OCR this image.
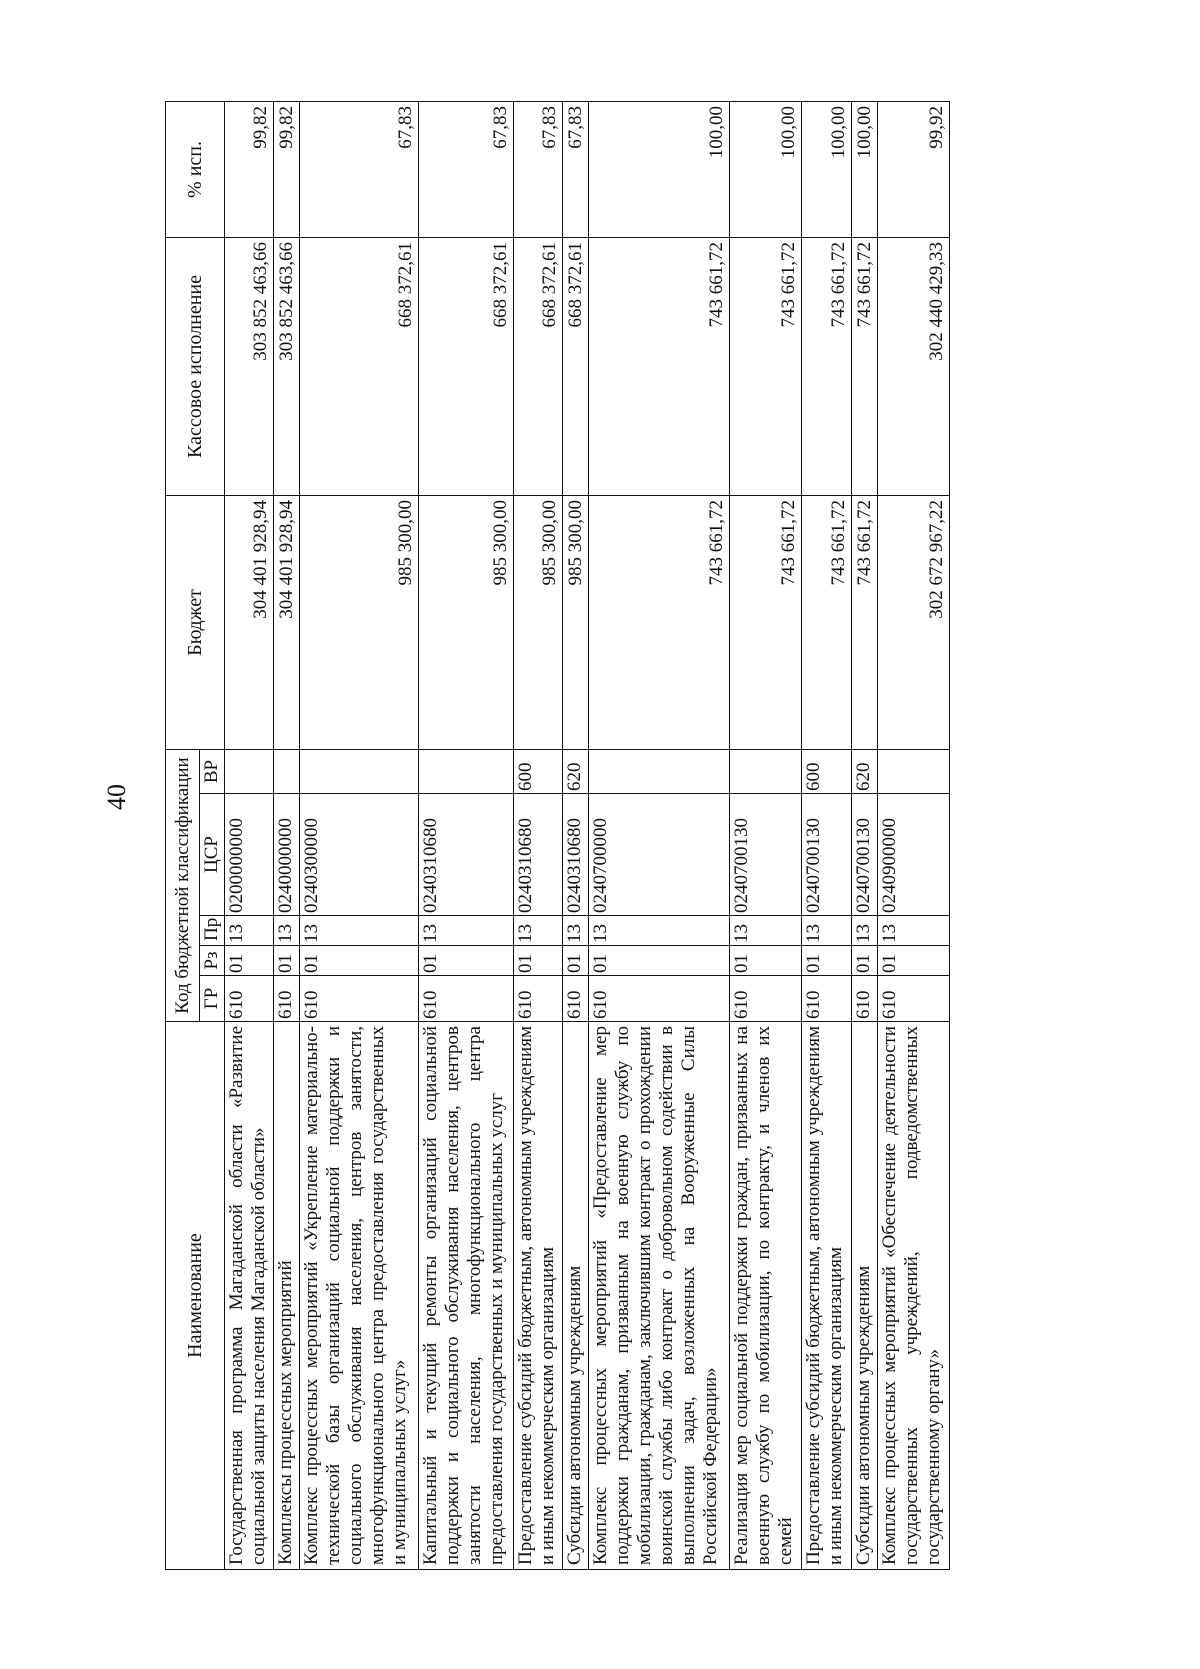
40
Наименование	Код бюджетной классификации					Бюджет	Кассовое исполнение	% исп.
	ГР	Рз	Пр	ЦСР	ВР			
Государственная программа Магаданской области «Развитие социальной защиты населения Магаданской области»	610	01	13	0200000000		304 401 928,94	303 852 463,66	99,82
Комплексы процессных мероприятий	610	01	13	0240000000		304 401 928,94	303 852 463,66	99,82
Комплекс процессных мероприятий «Укрепление материально-технической базы организаций социальной поддержки и социального обслуживания населения, центров занятости, многофункционального центра предоставления государственных и муниципальных услуг»	610	01	13	0240300000		985 300,00	668 372,61	67,83
Капитальный и текущий ремонты организаций социальной поддержки и социального обслуживания населения, центров занятости населения, многофункционального центра предоставления государственных и муниципальных услуг	610	01	13	0240310680		985 300,00	668 372,61	67,83
Предоставление субсидий бюджетным, автономным учреждениям и иным некоммерческим организациям	610	01	13	0240310680	600	985 300,00	668 372,61	67,83
Субсидии автономным учреждениям	610	01	13	0240310680	620	985 300,00	668 372,61	67,83
Комплекс процессных мероприятий «Предоставление мер поддержки гражданам, призванным на военную службу по мобилизации, гражданам, заключившим контракт о прохождении воинской службы либо контракт о добровольном содействии в выполнении задач, возложенных на Вооруженные Силы Российской Федерации»	610	01	13	0240700000		743 661,72	743 661,72	100,00
Реализация мер социальной поддержки граждан, призванных на военную службу по мобилизации, по контракту, и членов их семей	610	01	13	0240700130		743 661,72	743 661,72	100,00
Предоставление субсидий бюджетным, автономным учреждениям и иным некоммерческим организациям	610	01	13	0240700130	600	743 661,72	743 661,72	100,00
Субсидии автономным учреждениям	610	01	13	0240700130	620	743 661,72	743 661,72	100,00
Комплекс процессных мероприятий «Обеспечение деятельности государственных учреждений, подведомственных государственному органу»	610	01	13	0240900000		302 672 967,22	302 440 429,33	99,92
